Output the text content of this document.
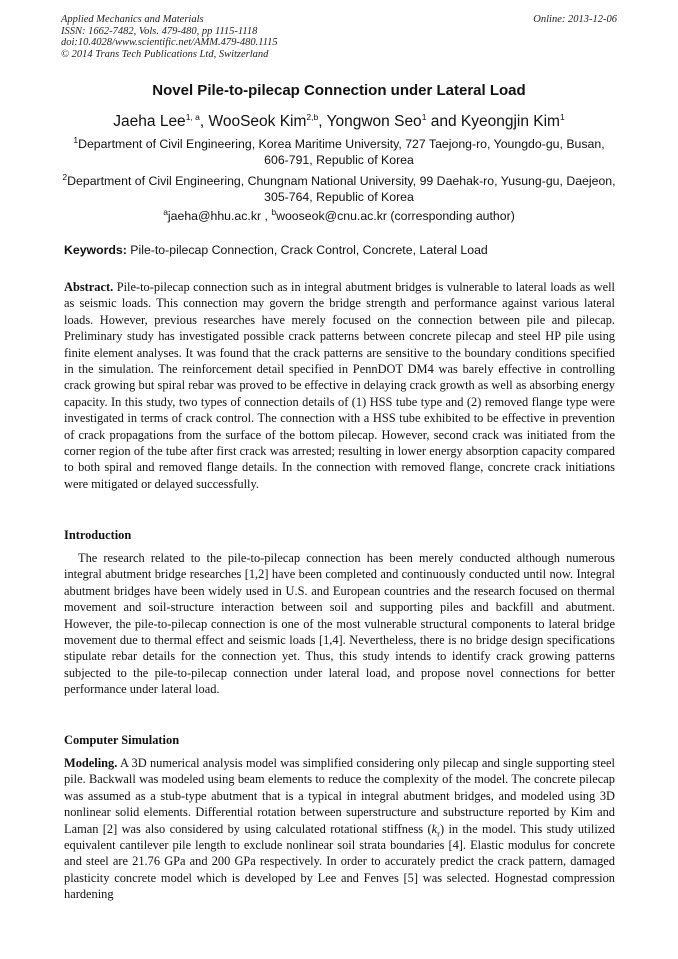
Applied Mechanics and Materials
ISSN: 1662-7482, Vols. 479-480, pp 1115-1118
doi:10.4028/www.scientific.net/AMM.479-480.1115
© 2014 Trans Tech Publications Ltd, Switzerland
Online: 2013-12-06
Novel Pile-to-pilecap Connection under Lateral Load
Jaeha Lee$^{1, a}$, WooSeok Kim$^{2,b}$, Yongwon Seo$^1$ and Kyeongjin Kim$^1$
$^1$Department of Civil Engineering, Korea Maritime University, 727 Taejong-ro, Youngdo-gu, Busan, 606-791, Republic of Korea
$^2$Department of Civil Engineering, Chungnam National University, 99 Daehak-ro, Yusung-gu, Daejeon, 305-764, Republic of Korea
$^a$jaeha@hhu.ac.kr , $^b$wooseok@cnu.ac.kr (corresponding author)
Keywords: Pile-to-pilecap Connection, Crack Control, Concrete, Lateral Load
Abstract. Pile-to-pilecap connection such as in integral abutment bridges is vulnerable to lateral loads as well as seismic loads. This connection may govern the bridge strength and performance against various lateral loads. However, previous researches have merely focused on the connection between pile and pilecap. Preliminary study has investigated possible crack patterns between concrete pilecap and steel HP pile using finite element analyses. It was found that the crack patterns are sensitive to the boundary conditions specified in the simulation. The reinforcement detail specified in PennDOT DM4 was barely effective in controlling crack growing but spiral rebar was proved to be effective in delaying crack growth as well as absorbing energy capacity. In this study, two types of connection details of (1) HSS tube type and (2) removed flange type were investigated in terms of crack control. The connection with a HSS tube exhibited to be effective in prevention of crack propagations from the surface of the bottom pilecap. However, second crack was initiated from the corner region of the tube after first crack was arrested; resulting in lower energy absorption capacity compared to both spiral and removed flange details. In the connection with removed flange, concrete crack initiations were mitigated or delayed successfully.
Introduction
The research related to the pile-to-pilecap connection has been merely conducted although numerous integral abutment bridge researches [1,2] have been completed and continuously conducted until now. Integral abutment bridges have been widely used in U.S. and European countries and the research focused on thermal movement and soil-structure interaction between soil and supporting piles and backfill and abutment. However, the pile-to-pilecap connection is one of the most vulnerable structural components to lateral bridge movement due to thermal effect and seismic loads [1,4]. Nevertheless, there is no bridge design specifications stipulate rebar details for the connection yet. Thus, this study intends to identify crack growing patterns subjected to the pile-to-pilecap connection under lateral load, and propose novel connections for better performance under lateral load.
Computer Simulation
Modeling. A 3D numerical analysis model was simplified considering only pilecap and single supporting steel pile. Backwall was modeled using beam elements to reduce the complexity of the model. The concrete pilecap was assumed as a stub-type abutment that is a typical in integral abutment bridges, and modeled using 3D nonlinear solid elements. Differential rotation between superstructure and substructure reported by Kim and Laman [2] was also considered by using calculated rotational stiffness $(k_r)$ in the model. This study utilized equivalent cantilever pile length to exclude nonlinear soil strata boundaries [4]. Elastic modulus for concrete and steel are 21.76 GPa and 200 GPa respectively. In order to accurately predict the crack pattern, damaged plasticity concrete model which is developed by Lee and Fenves [5] was selected. Hognestad compression hardening
